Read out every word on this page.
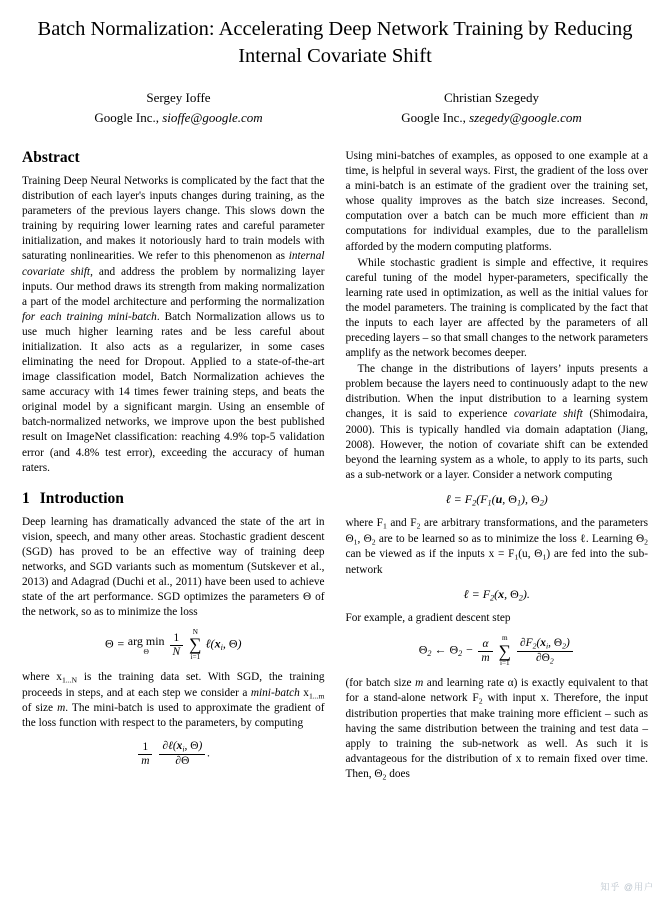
Batch Normalization: Accelerating Deep Network Training by Reducing Internal Covariate Shift
Sergey Ioffe
Google Inc., sioffe@google.com
Christian Szegedy
Google Inc., szegedy@google.com
Abstract

Training Deep Neural Networks is complicated by the fact that the distribution of each layer's inputs changes during training, as the parameters of the previous layers change. This slows down the training by requiring lower learning rates and careful parameter initialization, and makes it notoriously hard to train models with saturating nonlinearities. We refer to this phenomenon as internal covariate shift, and address the problem by normalizing layer inputs. Our method draws its strength from making normalization a part of the model architecture and performing the normalization for each training mini-batch. Batch Normalization allows us to use much higher learning rates and be less careful about initialization. It also acts as a regularizer, in some cases eliminating the need for Dropout. Applied to a state-of-the-art image classification model, Batch Normalization achieves the same accuracy with 14 times fewer training steps, and beats the original model by a significant margin. Using an ensemble of batch-normalized networks, we improve upon the best published result on ImageNet classification: reaching 4.9% top-5 validation error (and 4.8% test error), exceeding the accuracy of human raters.

1 Introduction

Deep learning has dramatically advanced the state of the art in vision, speech, and many other areas. Stochastic gradient descent (SGD) has proved to be an effective way of training deep networks, and SGD variants such as momentum (Sutskever et al., 2013) and Adagrad (Duchi et al., 2011) have been used to achieve state of the art performance. SGD optimizes the parameters Θ of the network, so as to minimize the loss

Θ = arg min
Θ
	$\frac{1}{N}$
	N
∑
i=1
$\ell(x_i$, Θ)

where $x_{1...N}$ is the training data set. With SGD, the training proceeds in steps, and at each step we consider a mini-batch $x_{1...m}$ of size m. The mini-batch is used to approximate the gradient of the loss function with respect to the parameters, by computing

$\frac{1}{m}$
$\frac{\partial\ell(x_i, \Theta)}{\partial\Theta}$ .

Using mini-batches of examples, as opposed to one example at a time, is helpful in several ways. First, the gradient of the loss over a mini-batch is an estimate of the gradient over the training set, whose quality improves as the batch size increases. Second, computation over a batch can be much more efficient than m computations for individual examples, due to the parallelism afforded by the modern computing platforms.

While stochastic gradient is simple and effective, it requires careful tuning of the model hyper-parameters, specifically the learning rate used in optimization, as well as the initial values for the model parameters. The training is complicated by the fact that the inputs to each layer are affected by the parameters of all preceding layers – so that small changes to the network parameters amplify as the network becomes deeper.

The change in the distributions of layers’ inputs presents a problem because the layers need to continuously adapt to the new distribution. When the input distribution to a learning system changes, it is said to experience covariate shift (Shimodaira, 2000). This is typically handled via domain adaptation (Jiang, 2008). However, the notion of covariate shift can be extended beyond the learning system as a whole, to apply to its parts, such as a sub-network or a layer. Consider a network computing

ℓ = $F_2(F_1(u$, $\Theta_1$), $\Theta_2$)

where $F_1$ and $F_2$ are arbitrary transformations, and the parameters $\Theta_1$, $\Theta_2$ are to be learned so as to minimize the loss ℓ. Learning $\Theta_2$ can be viewed as if the inputs $x = F_1(u$, $\Theta_1$) are fed into the sub-network

ℓ = $F_2(x$, $\Theta_2$).

For example, a gradient descent step

$\Theta_2$ ← $\Theta_2 - \frac{\alpha}{m}$
	m
∑
i=1
$\frac{\partial F_2(x_i, \Theta_2)}{\partial\Theta_2}$

(for batch size m and learning rate α) is exactly equivalent to that for a stand-alone network $F_2$ with input x. Therefore, the input distribution properties that make training more efficient – such as having the same distribution between the training and test data – apply to training the sub-network as well. As such it is advantageous for the distribution of x to remain fixed over time. Then, $\Theta_2$ does

知乎 @用户
